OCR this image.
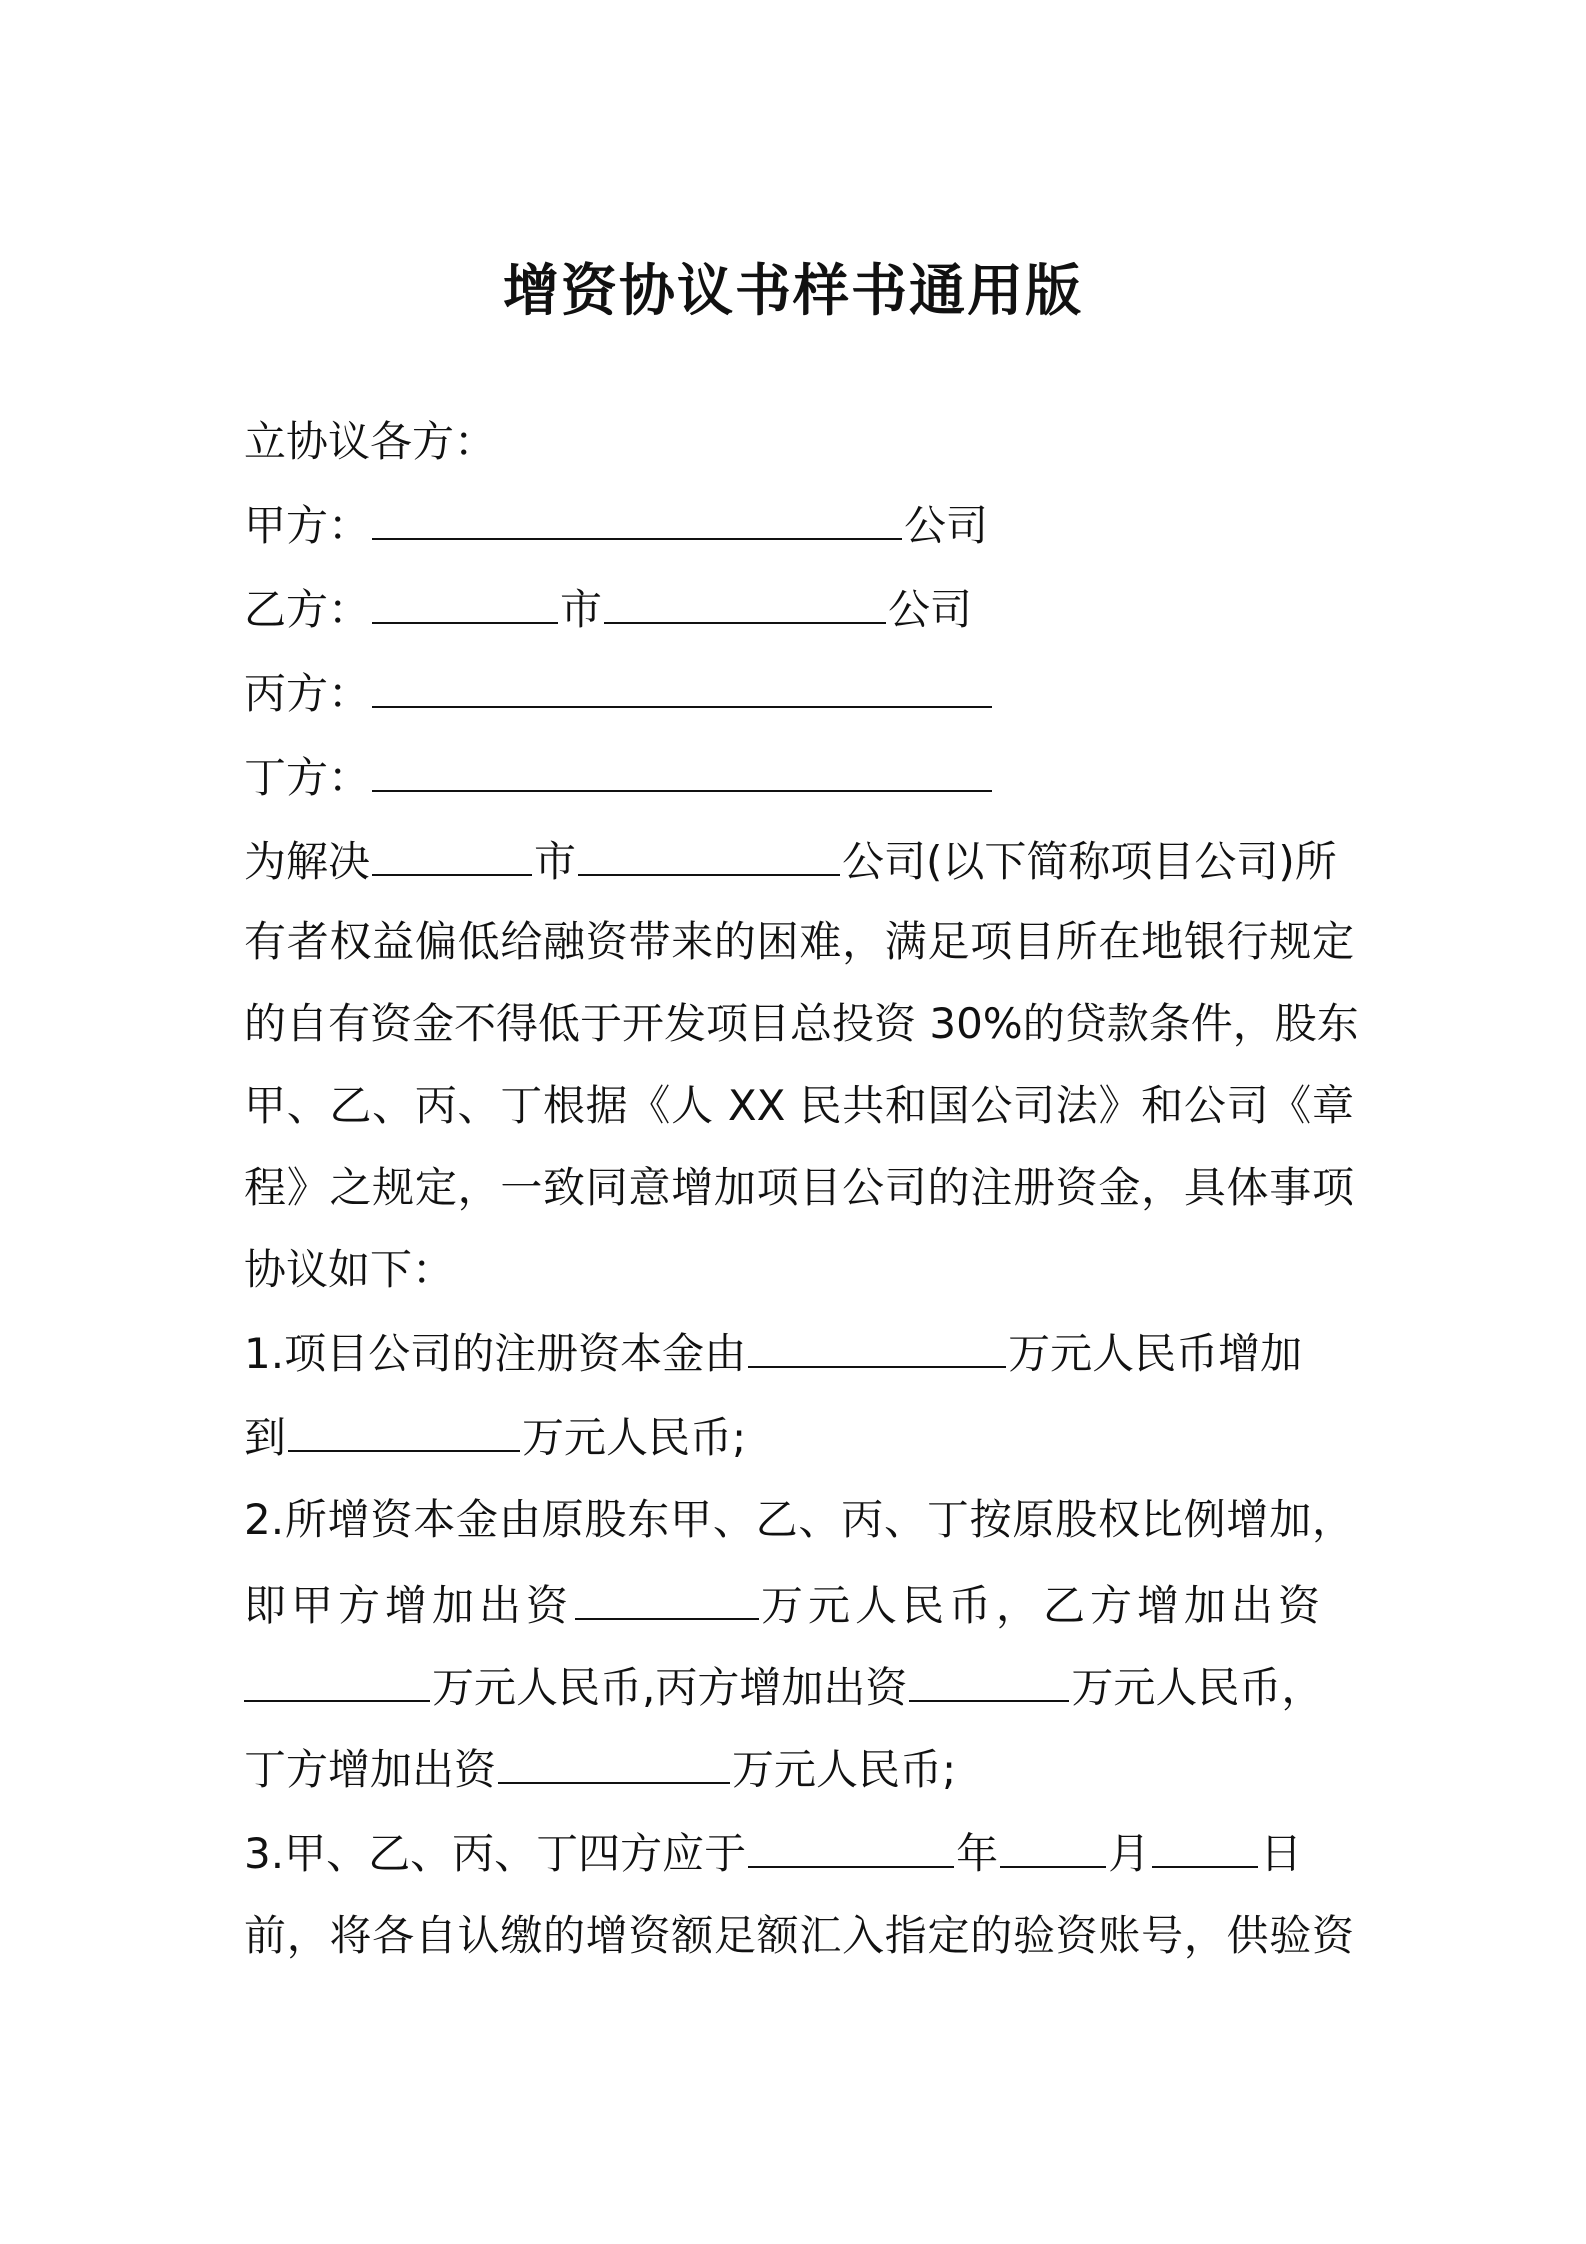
增资协议书样书通用版

立协议各方：

甲方：	公司

乙方：	市	公司

丙方：

丁方：

为解决	市	公司(以下简称项目公司)所

有者权益偏低给融资带来的困难，满足项目所在地银行规定

的自有资金不得低于开发项目总投资 30%的贷款条件，股东

甲、乙、丙、丁根据《人 XX 民共和国公司法》和公司《章

程》之规定，一致同意增加项目公司的注册资金，具体事项

协议如下：

1.项目公司的注册资本金由	万元人民币增加

到	万元人民币;

2.所增资本金由原股东甲、乙、丙、丁按原股权比例增加，

即甲方增加出资	万元人民币，乙方增加出资

万元人民币,丙方增加出资	万元人民币，

丁方增加出资	万元人民币;

3.甲、乙、丙、丁四方应于	年	月	日

前，将各自认缴的增资额足额汇入指定的验资账号，供验资
